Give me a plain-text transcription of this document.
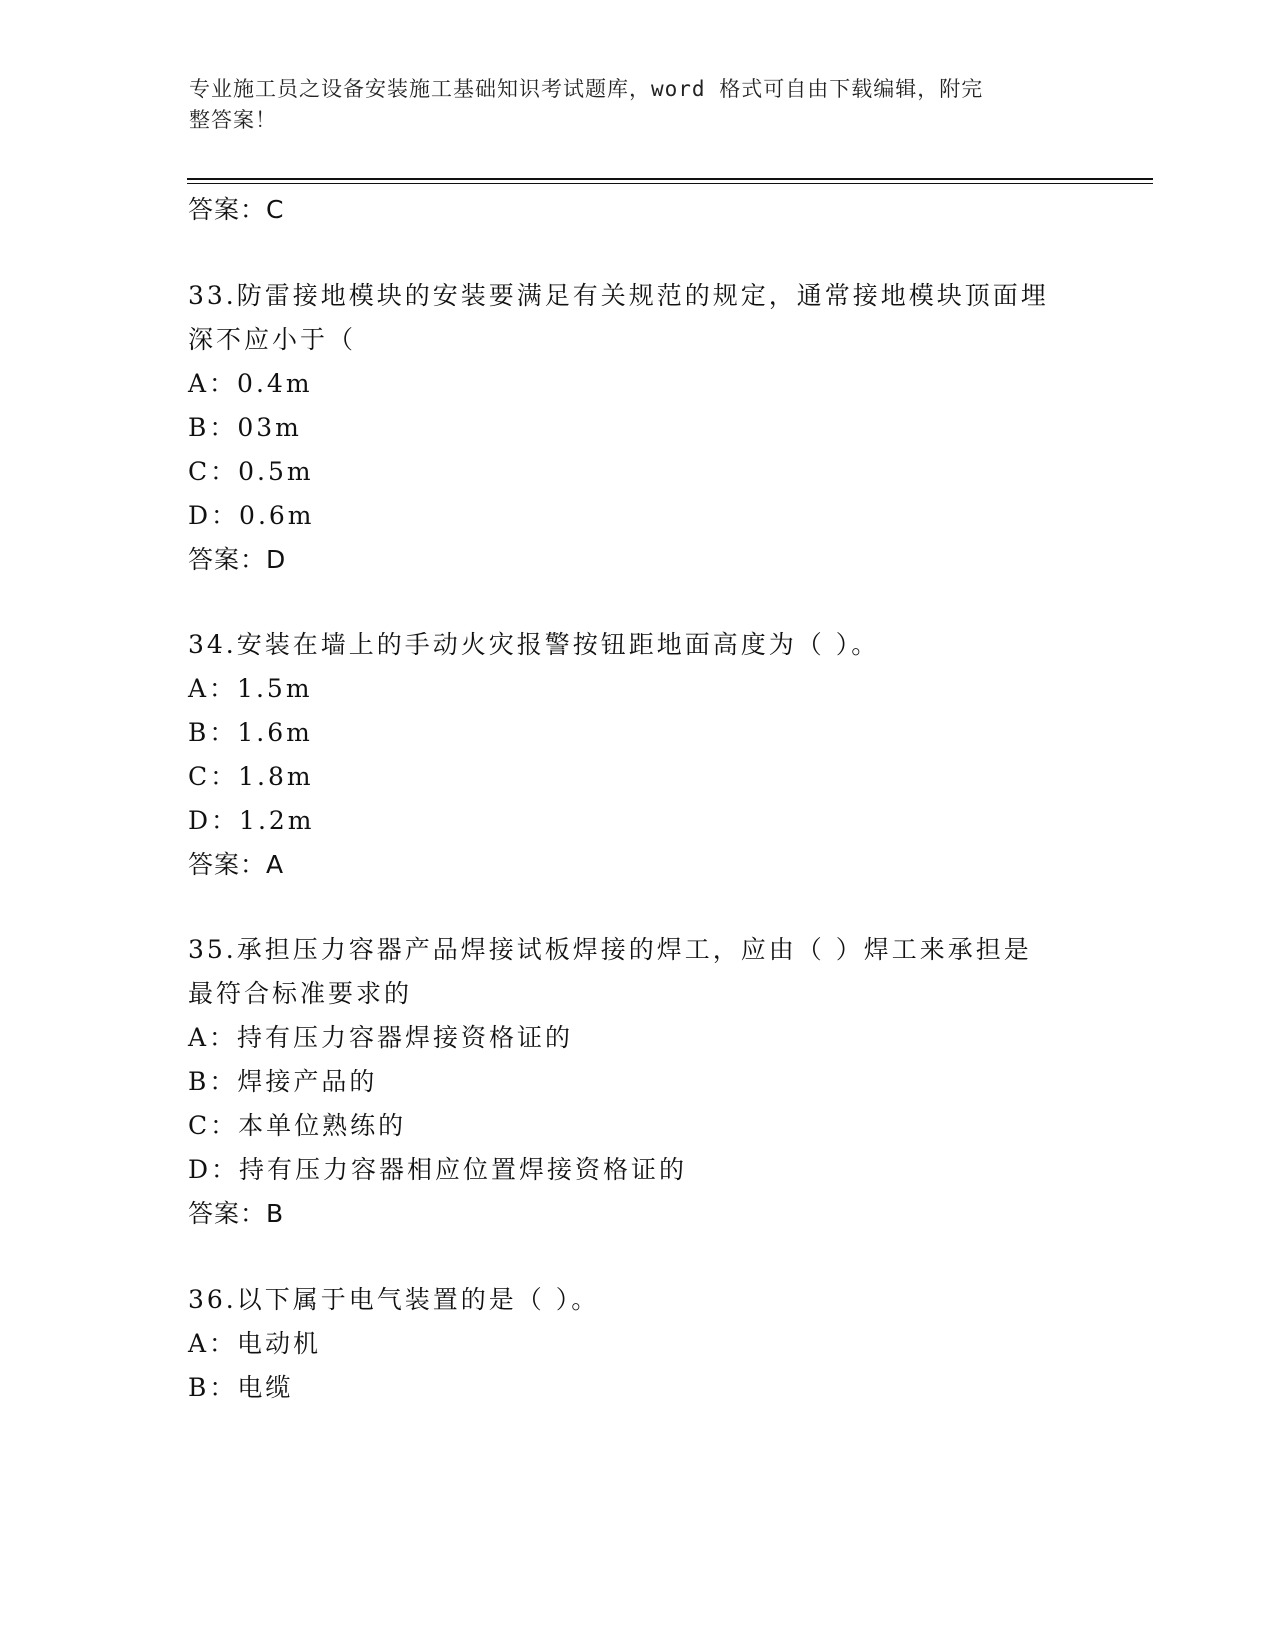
专业施工员之设备安装施工基础知识考试题库，word 格式可自由下载编辑，附完
整答案！
答案：C
33.防雷接地模块的安装要满足有关规范的规定，通常接地模块顶面埋
深不应小于（
A：0.4m
B：03m
C：0.5m
D：0.6m
答案：D
34.安装在墙上的手动火灾报警按钮距地面高度为（ ）。
A：1.5m
B：1.6m
C：1.8m
D：1.2m
答案：A
35.承担压力容器产品焊接试板焊接的焊工，应由（ ）焊工来承担是
最符合标准要求的
A：持有压力容器焊接资格证的
B：焊接产品的
C：本单位熟练的
D：持有压力容器相应位置焊接资格证的
答案：B
36.以下属于电气装置的是（ ）。
A：电动机
B：电缆
